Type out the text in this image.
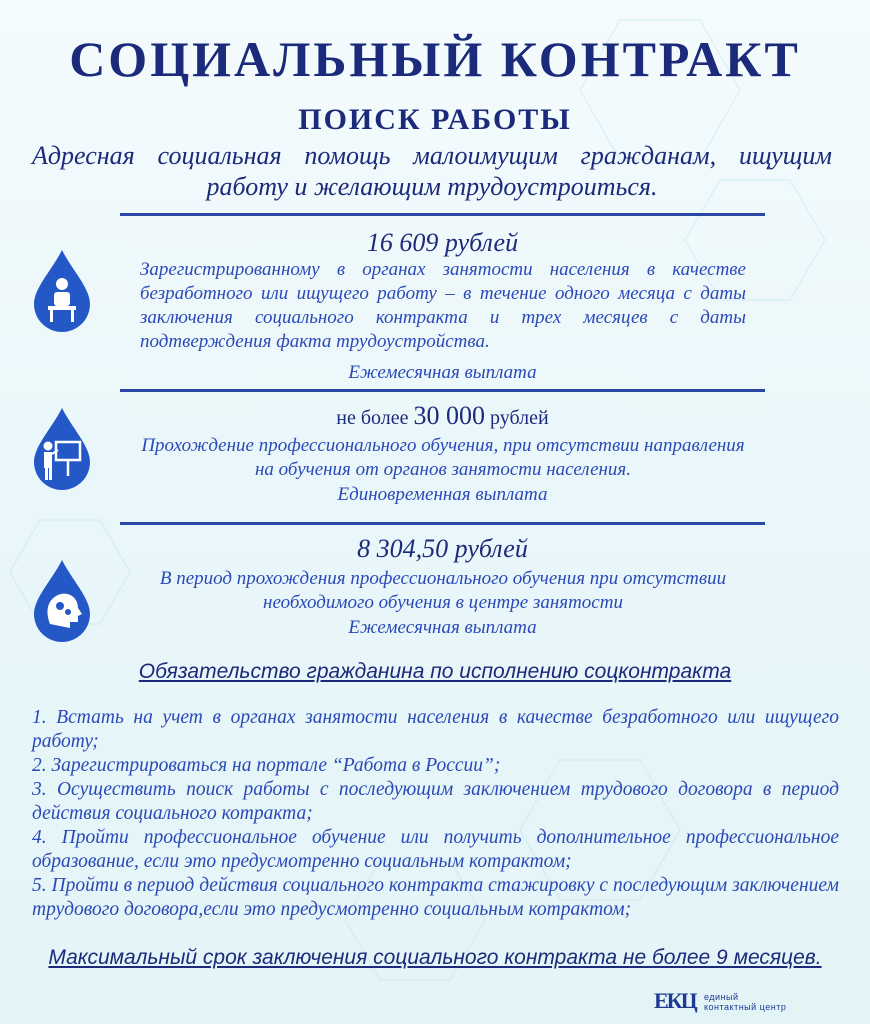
СОЦИАЛЬНЫЙ КОНТРАКТ
ПОИСК РАБОТЫ
Адресная социальная помощь малоимущим гражданам, ищущим работу и желающим трудоустроиться.
16 609 рублей
Зарегистрированному в органах занятости населения в качестве безработного или ищущего работу – в течение одного месяца с даты заключения социального контракта и трех месяцев с даты подтверждения факта трудоустройства.
Ежемесячная выплата
не более 30 000 рублей
Прохождение профессионального обучения, при отсутствии направления на обучения от органов занятости населения.
Единовременная выплата
8 304,50 рублей
В период прохождения профессионального обучения при отсутствии необходимого обучения в центре занятости
Ежемесячная выплата
Обязательство гражданина по исполнению соцконтракта
1. Встать на учет в органах занятости населения в качестве безработного или ищущего работу;
2. Зарегистрироваться на портале “Работа в России”;
3. Осуществить поиск работы с последующим заключением трудового договора в период действия социального котракта;
4. Пройти профессиональное обучение или получить дополнительное профессиональное образование, если это предусмотренно социальным котрактом;
5. Пройти в период действия социального контракта стажировку с последующим заключением трудового договора,если это предусмотренно социальным котрактом;
Максимальный срок заключения социального контракта не более 9 месяцев.
ЕКЦ единый
контактный центр
